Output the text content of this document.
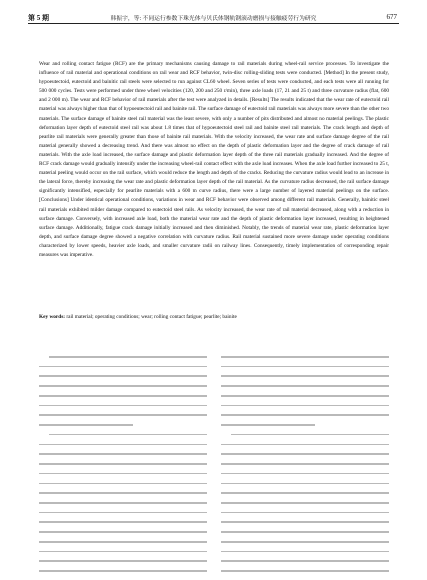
第 5 期	韩振宇，等: 不同运行参数下珠光体与贝氏体钢轨钢滚动磨损与接触疲劳行为研究	677

Wear and rolling contact fatigue (RCF) are the primary mechanisms causing damage to rail materials during wheel-rail service processes. To investigate the influence of rail material and operational conditions on rail wear and RCF behavior, twin-disc rolling-sliding tests were conducted. [Method] In the present study, hypoeutectoid, eutectoid and bainitic rail steels were selected to run against CL60 wheel. Seven series of tests were conducted, and each tests were all running for 500 000 cycles. Tests were performed under three wheel velocities (120, 200 and 250 r/min), three axle loads (17, 21 and 25 t) and three curvature radius (flat, 600 and 2 000 m). The wear and RCF behavior of rail materials after the test were analyzed in details. [Results] The results indicated that the wear rate of eutectoid rail material was always higher than that of hypoeutectoid rail and bainite rail. The surface damage of eutectoid rail materials was always more severe than the other two materials. The surface damage of bainite steel rail material was the least severe, with only a number of pits distributed and almost no material peelings. The plastic deformation layer depth of eutectoid steel rail was about 1.8 times that of hypoeutectoid steel rail and bainite steel rail materials. The crack length and depth of pearlite rail materials were generally greater than those of bainite rail materials. With the velocity increased, the wear rate and surface damage degree of the rail material generally showed a decreasing trend. And there was almost no effect on the depth of plastic deformation layer and the degree of crack damage of rail materials. With the axle load increased, the surface damage and plastic deformation layer depth of the three rail materials gradually increased. And the degree of RCF crack damage would gradually intensify under the increasing wheel-rail contact effect with the axle load increases. When the axle load further increased to 25 t, material peeling would occur on the rail surface, which would reduce the length and depth of the cracks. Reducing the curvature radius would lead to an increase in the lateral force, thereby increasing the wear rate and plastic deformation layer depth of the rail material. As the curvature radius decreased, the rail surface damage significantly intensified, especially for pearlite materials with a 600 m curve radius, there were a large number of layered material peelings on the surface. [Conclusions] Under identical operational conditions, variations in wear and RCF behavior were observed among different rail materials. Generally, bainitic steel rail materials exhibited milder damage compared to eutectoid steel rails. As velocity increased, the wear rate of rail material decreased, along with a reduction in surface damage. Conversely, with increased axle load, both the material wear rate and the depth of plastic deformation layer increased, resulting in heightened surface damage. Additionally, fatigue crack damage initially increased and then diminished. Notably, the trends of material wear rate, plastic deformation layer depth, and surface damage degree showed a negative correlation with curvature radius. Rail material sustained more severe damage under operating conditions characterized by lower speeds, heavier axle loads, and smaller curvature radii on railway lines. Consequently, timely implementation of corresponding repair measures was imperative.

Key words: rail material; operating conditions; wear; rolling contact fatigue; pearlite; bainite
